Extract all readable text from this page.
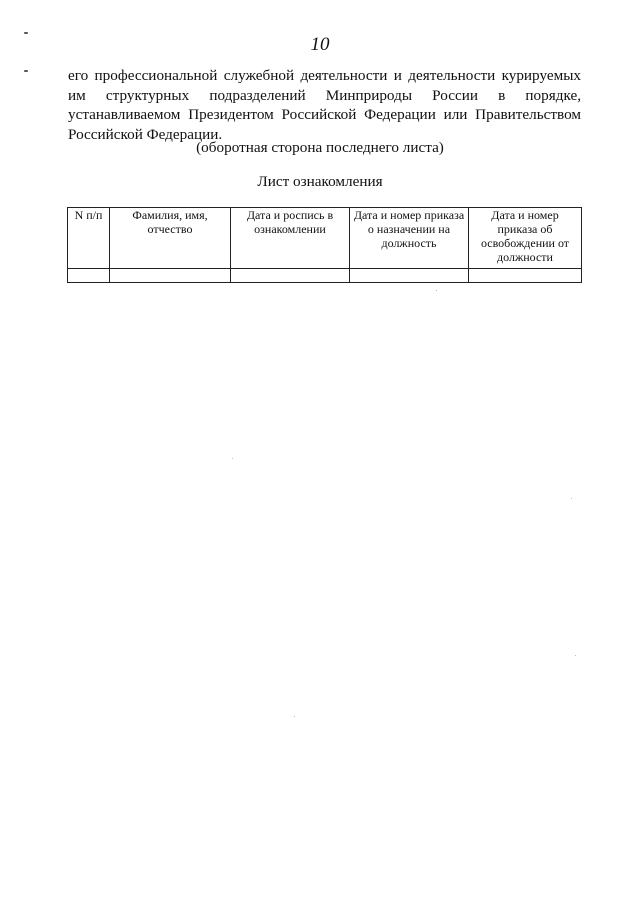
10

его профессиональной служебной деятельности и деятельности курируемых им структурных подразделений Минприроды России в порядке, устанавливаемом Президентом Российской Федерации или Правительством Российской Федерации.

(оборотная сторона последнего листа)
Лист ознакомления
N п/п	Фамилия, имя, отчество	Дата и роспись в ознакомлении	Дата и номер приказа о назначении на должность	Дата и номер приказа об освобождении от должности
